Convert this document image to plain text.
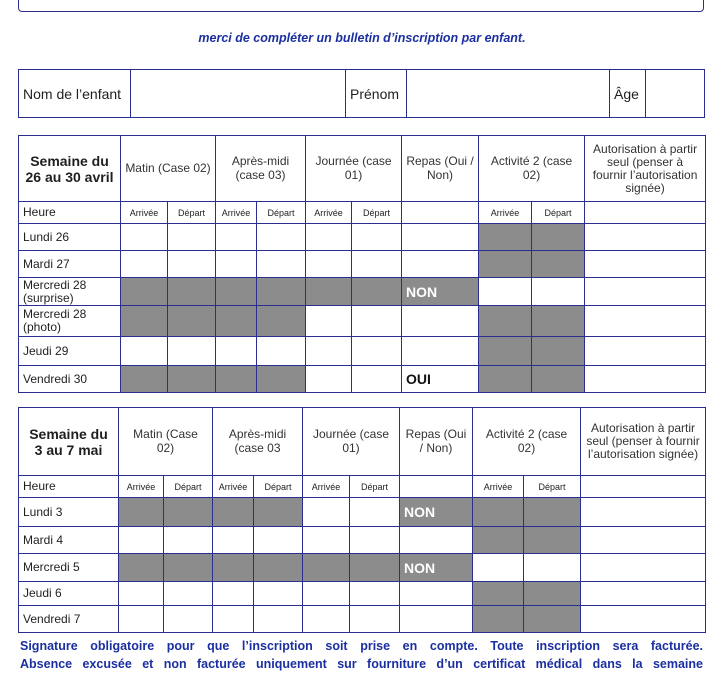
merci de compléter un bulletin d’inscription par enfant.
Nom de l’enfant		Prénom		Âge	
Semaine du
26 au 30 avril	Matin (Case 02)		Après-midi (case 03)		Journée (case 01)		Repas (Oui / Non)	Activité 2 (case 02)		Autorisation à partir seul (penser à fournir l’autorisation signée)
Heure	Arrivée	Départ	Arrivée	Départ	Arrivée	Départ		Arrivée	Départ	
Lundi 26										
Mardi 27										
Mercredi 28 (surprise)							NON			
Mercredi 28 (photo)										
Jeudi 29										
Vendredi 30							OUI			
Semaine du
3 au 7 mai	Matin (Case 02)		Après-midi (case 03		Journée (case 01)		Repas (Oui / Non)	Activité 2 (case 02)		Autorisation à partir seul (penser à fournir l’autorisation signée)
Heure	Arrivée	Départ	Arrivée	Départ	Arrivée	Départ		Arrivée	Départ	
Lundi 3							NON			
Mardi 4										
Mercredi 5							NON			
Jeudi 6										
Vendredi 7										
Signature obligatoire pour que l’inscription soit prise en compte. Toute inscription sera facturée.
Absence excusée et non facturée uniquement sur fourniture d’un certificat médical dans la semaine
